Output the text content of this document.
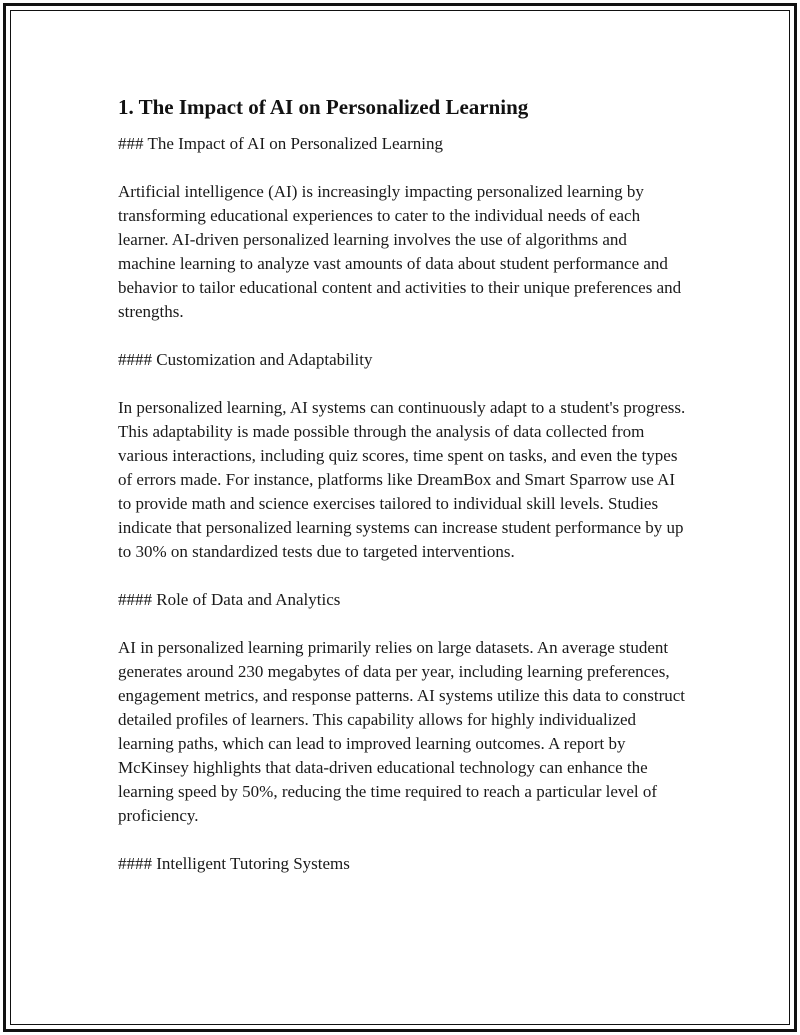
1. The Impact of AI on Personalized Learning
### The Impact of AI on Personalized Learning
Artificial intelligence (AI) is increasingly impacting personalized learning by transforming educational experiences to cater to the individual needs of each learner. AI-driven personalized learning involves the use of algorithms and machine learning to analyze vast amounts of data about student performance and behavior to tailor educational content and activities to their unique preferences and strengths.
#### Customization and Adaptability
In personalized learning, AI systems can continuously adapt to a student's progress. This adaptability is made possible through the analysis of data collected from various interactions, including quiz scores, time spent on tasks, and even the types of errors made. For instance, platforms like DreamBox and Smart Sparrow use AI to provide math and science exercises tailored to individual skill levels. Studies indicate that personalized learning systems can increase student performance by up to 30% on standardized tests due to targeted interventions.
#### Role of Data and Analytics
AI in personalized learning primarily relies on large datasets. An average student generates around 230 megabytes of data per year, including learning preferences, engagement metrics, and response patterns. AI systems utilize this data to construct detailed profiles of learners. This capability allows for highly individualized learning paths, which can lead to improved learning outcomes. A report by McKinsey highlights that data-driven educational technology can enhance the learning speed by 50%, reducing the time required to reach a particular level of proficiency.
#### Intelligent Tutoring Systems
